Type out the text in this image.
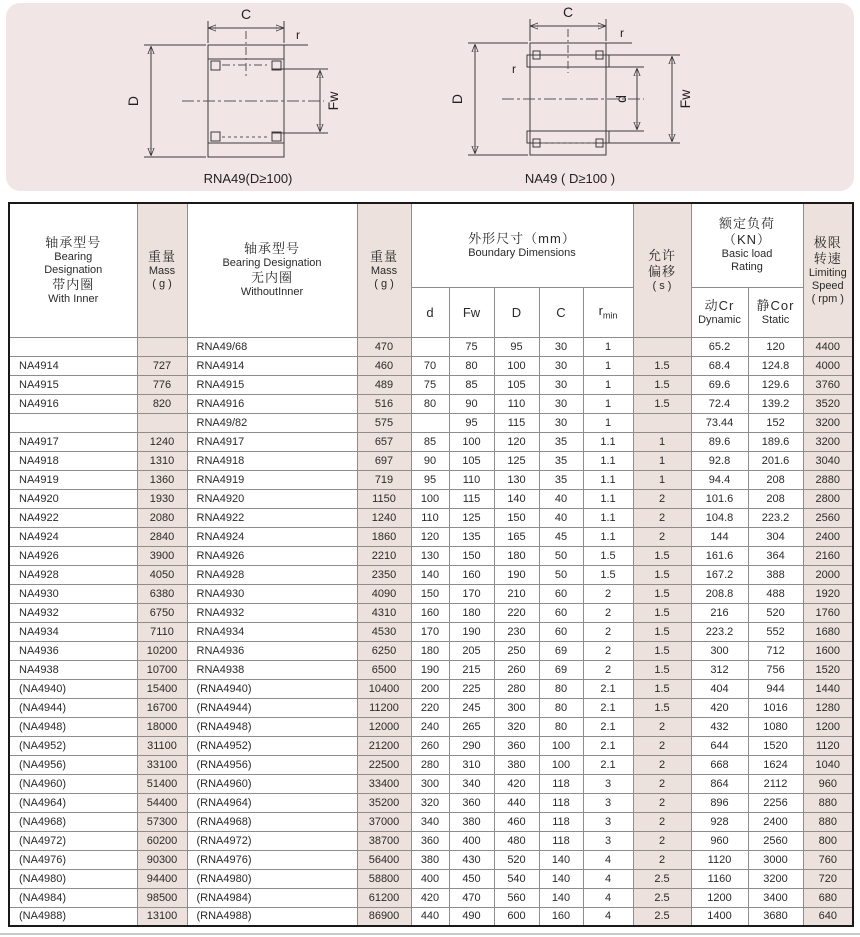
C
r
D	Fw
RNA49(D≥100)
C
r
r
D	d	Fw
NA49 ( D≥100 )
轴承型号
Bearing
Designation
带内圈
With Inner

重量
Mass
( g )

轴承型号
Bearing Designation
无内圈
WithoutInner

重量
Mass
( g )

外形尺寸（mm）
Boundary Dimensions	允许
偏移
( s )

额定负荷
（KN）
Basic load
Rating

极限
转速
Limiting
Speed
( rpm )

d	Fw	D	C	$r_{min}$	
动Cr
Dynamic

静Cor
Static

		RNA49/68	470		75	95	30	1		65.2	120	4400
NA4914	727	RNA4914	460	70	80	100	30	1	1.5	68.4	124.8	4000
NA4915	776	RNA4915	489	75	85	105	30	1	1.5	69.6	129.6	3760
NA4916	820	RNA4916	516	80	90	110	30	1	1.5	72.4	139.2	3520
		RNA49/82	575		95	115	30	1		73.44	152	3200
NA4917	1240	RNA4917	657	85	100	120	35	1.1	1	89.6	189.6	3200
NA4918	1310	RNA4918	697	90	105	125	35	1.1	1	92.8	201.6	3040
NA4919	1360	RNA4919	719	95	110	130	35	1.1	1	94.4	208	2880
NA4920	1930	RNA4920	1150	100	115	140	40	1.1	2	101.6	208	2800
NA4922	2080	RNA4922	1240	110	125	150	40	1.1	2	104.8	223.2	2560
NA4924	2840	RNA4924	1860	120	135	165	45	1.1	2	144	304	2400
NA4926	3900	RNA4926	2210	130	150	180	50	1.5	1.5	161.6	364	2160
NA4928	4050	RNA4928	2350	140	160	190	50	1.5	1.5	167.2	388	2000
NA4930	6380	RNA4930	4090	150	170	210	60	2	1.5	208.8	488	1920
NA4932	6750	RNA4932	4310	160	180	220	60	2	1.5	216	520	1760
NA4934	7110	RNA4934	4530	170	190	230	60	2	1.5	223.2	552	1680
NA4936	10200	RNA4936	6250	180	205	250	69	2	1.5	300	712	1600
NA4938	10700	RNA4938	6500	190	215	260	69	2	1.5	312	756	1520
(NA4940)	15400	(RNA4940)	10400	200	225	280	80	2.1	1.5	404	944	1440
(NA4944)	16700	(RNA4944)	11200	220	245	300	80	2.1	1.5	420	1016	1280
(NA4948)	18000	(RNA4948)	12000	240	265	320	80	2.1	2	432	1080	1200
(NA4952)	31100	(RNA4952)	21200	260	290	360	100	2.1	2	644	1520	1120
(NA4956)	33100	(RNA4956)	22500	280	310	380	100	2.1	2	668	1624	1040
(NA4960)	51400	(RNA4960)	33400	300	340	420	118	3	2	864	2112	960
(NA4964)	54400	(RNA4964)	35200	320	360	440	118	3	2	896	2256	880
(NA4968)	57300	(RNA4968)	37000	340	380	460	118	3	2	928	2400	880
(NA4972)	60200	(RNA4972)	38700	360	400	480	118	3	2	960	2560	800
(NA4976)	90300	(RNA4976)	56400	380	430	520	140	4	2	1120	3000	760
(NA4980)	94400	(RNA4980)	58800	400	450	540	140	4	2.5	1160	3200	720
(NA4984)	98500	(RNA4984)	61200	420	470	560	140	4	2.5	1200	3400	680
(NA4988)	13100	(RNA4988)	86900	440	490	600	160	4	2.5	1400	3680	640
